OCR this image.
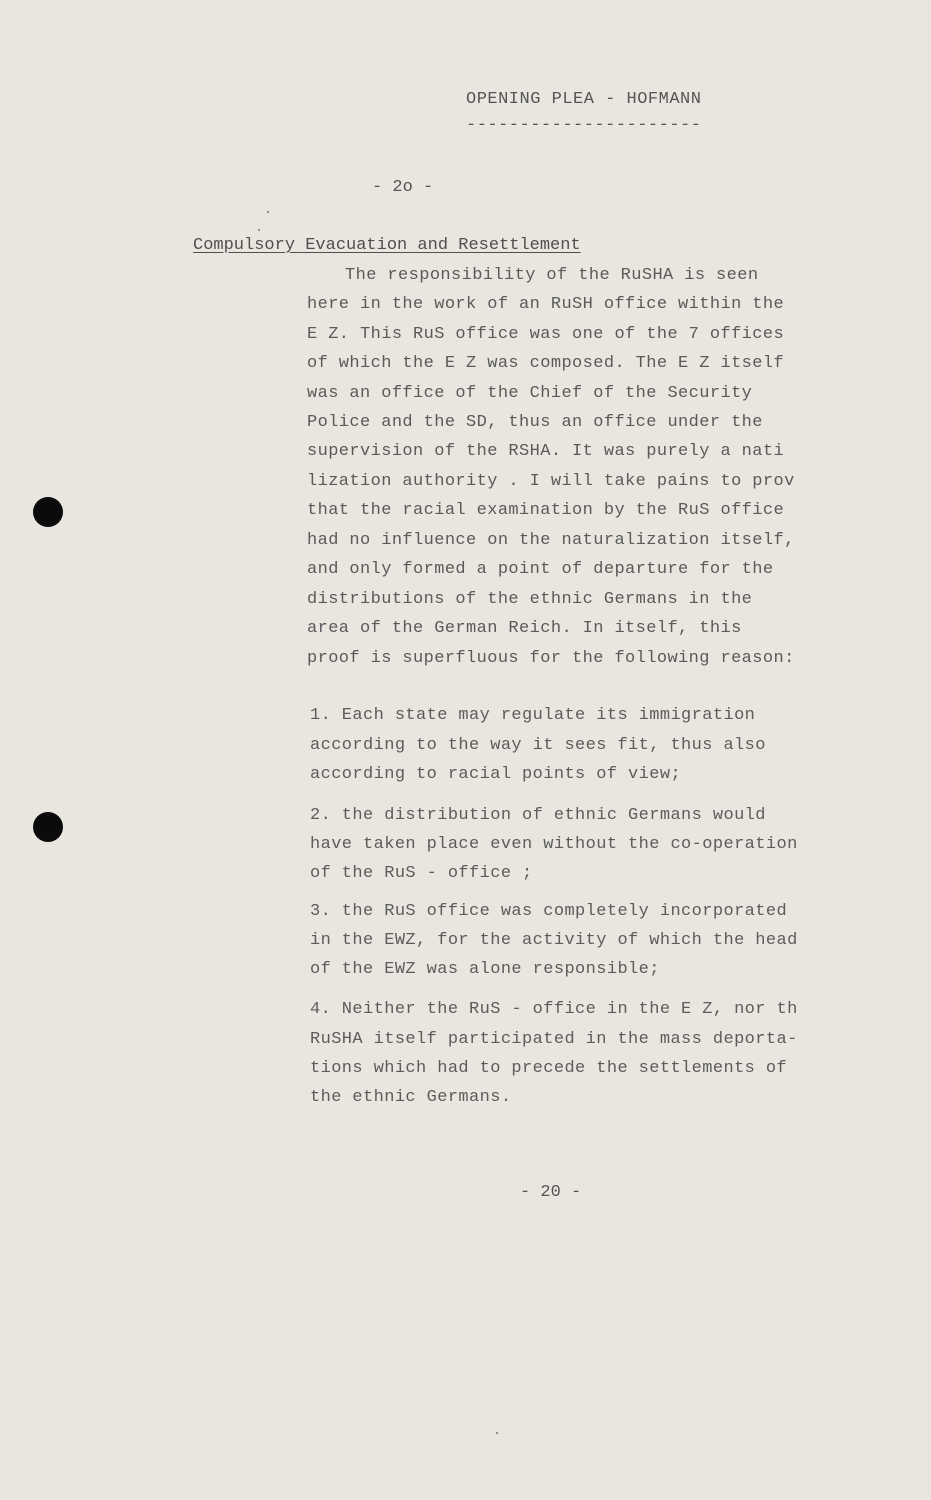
OPENING PLEA - HOFMANN
----------------------
- 2o -
Compulsory Evacuation and Resettlement
The responsibility of the RuSHA is seen
here in the work of an RuSH office within the
E Z. This RuS office was one of the 7 offices
of which the E Z was composed. The E Z itself
was an office of the Chief of the Security
Police and the SD, thus an office under the
supervision of the RSHA. It was purely a nati
lization authority . I will take pains to prov
that the racial examination by the RuS office
had no influence on the naturalization itself,
and only formed a point of departure for the
distributions of the ethnic Germans in the
area of the German Reich. In itself, this
proof is superfluous for the following reason:
1. Each state may regulate its immigration
according to the way it sees fit, thus also
according to racial points of view;
2. the distribution of ethnic Germans would
have taken place even without the co-operation
of the RuS - office ;
3. the RuS office was completely incorporated
in the EWZ, for the activity of which the head
of the EWZ was alone responsible;
4. Neither the RuS - office in the E Z, nor th
RuSHA itself participated in the mass deporta-
tions which had to precede the settlements of
the ethnic Germans.
- 20 -
